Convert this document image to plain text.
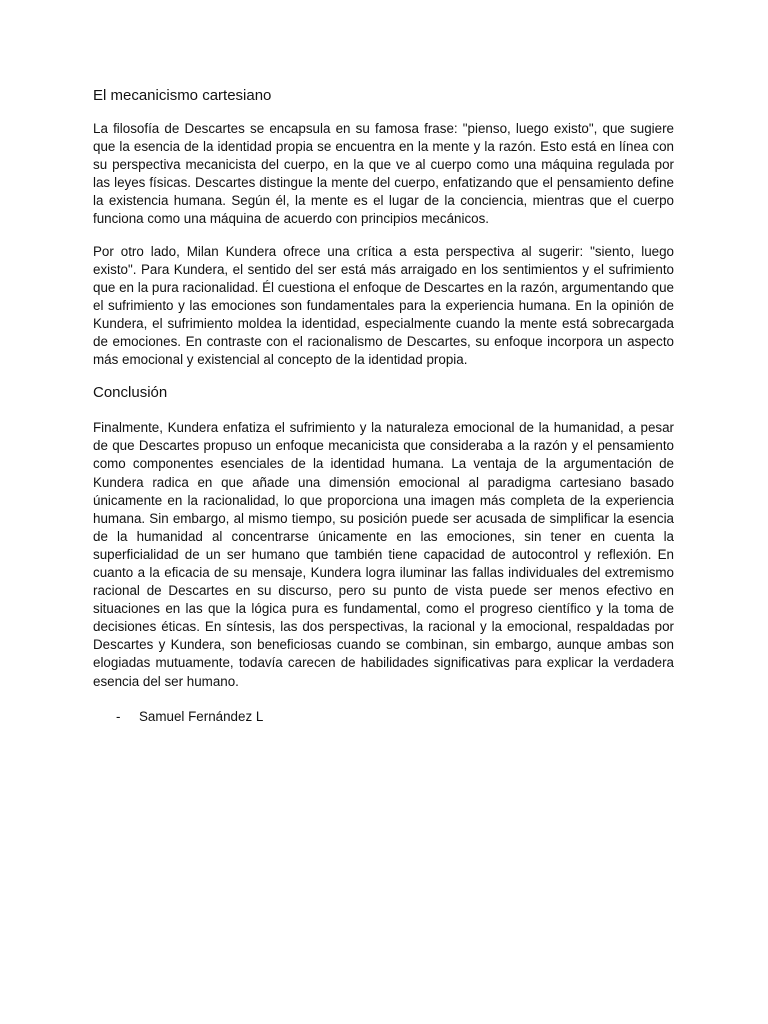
El mecanicismo cartesiano

La filosofía de Descartes se encapsula en su famosa frase: "pienso, luego existo", que sugiere que la esencia de la identidad propia se encuentra en la mente y la razón. Esto está en línea con su perspectiva mecanicista del cuerpo, en la que ve al cuerpo como una máquina regulada por las leyes físicas. Descartes distingue la mente del cuerpo, enfatizando que el pensamiento define la existencia humana. Según él, la mente es el lugar de la conciencia, mientras que el cuerpo funciona como una máquina de acuerdo con principios mecánicos.

Por otro lado, Milan Kundera ofrece una crítica a esta perspectiva al sugerir: "siento, luego existo". Para Kundera, el sentido del ser está más arraigado en los sentimientos y el sufrimiento que en la pura racionalidad. Él cuestiona el enfoque de Descartes en la razón, argumentando que el sufrimiento y las emociones son fundamentales para la experiencia humana. En la opinión de Kundera, el sufrimiento moldea la identidad, especialmente cuando la mente está sobrecargada de emociones. En contraste con el racionalismo de Descartes, su enfoque incorpora un aspecto más emocional y existencial al concepto de la identidad propia.

Conclusión

Finalmente, Kundera enfatiza el sufrimiento y la naturaleza emocional de la humanidad, a pesar de que Descartes propuso un enfoque mecanicista que consideraba a la razón y el pensamiento como componentes esenciales de la identidad humana. La ventaja de la argumentación de Kundera radica en que añade una dimensión emocional al paradigma cartesiano basado únicamente en la racionalidad, lo que proporciona una imagen más completa de la experiencia humana. Sin embargo, al mismo tiempo, su posición puede ser acusada de simplificar la esencia de la humanidad al concentrarse únicamente en las emociones, sin tener en cuenta la superficialidad de un ser humano que también tiene capacidad de autocontrol y reflexión. En cuanto a la eficacia de su mensaje, Kundera logra iluminar las fallas individuales del extremismo racional de Descartes en su discurso, pero su punto de vista puede ser menos efectivo en situaciones en las que la lógica pura es fundamental, como el progreso científico y la toma de decisiones éticas. En síntesis, las dos perspectivas, la racional y la emocional, respaldadas por Descartes y Kundera, son beneficiosas cuando se combinan, sin embargo, aunque ambas son elogiadas mutuamente, todavía carecen de habilidades significativas para explicar la verdadera esencia del ser humano.

- Samuel Fernández L
